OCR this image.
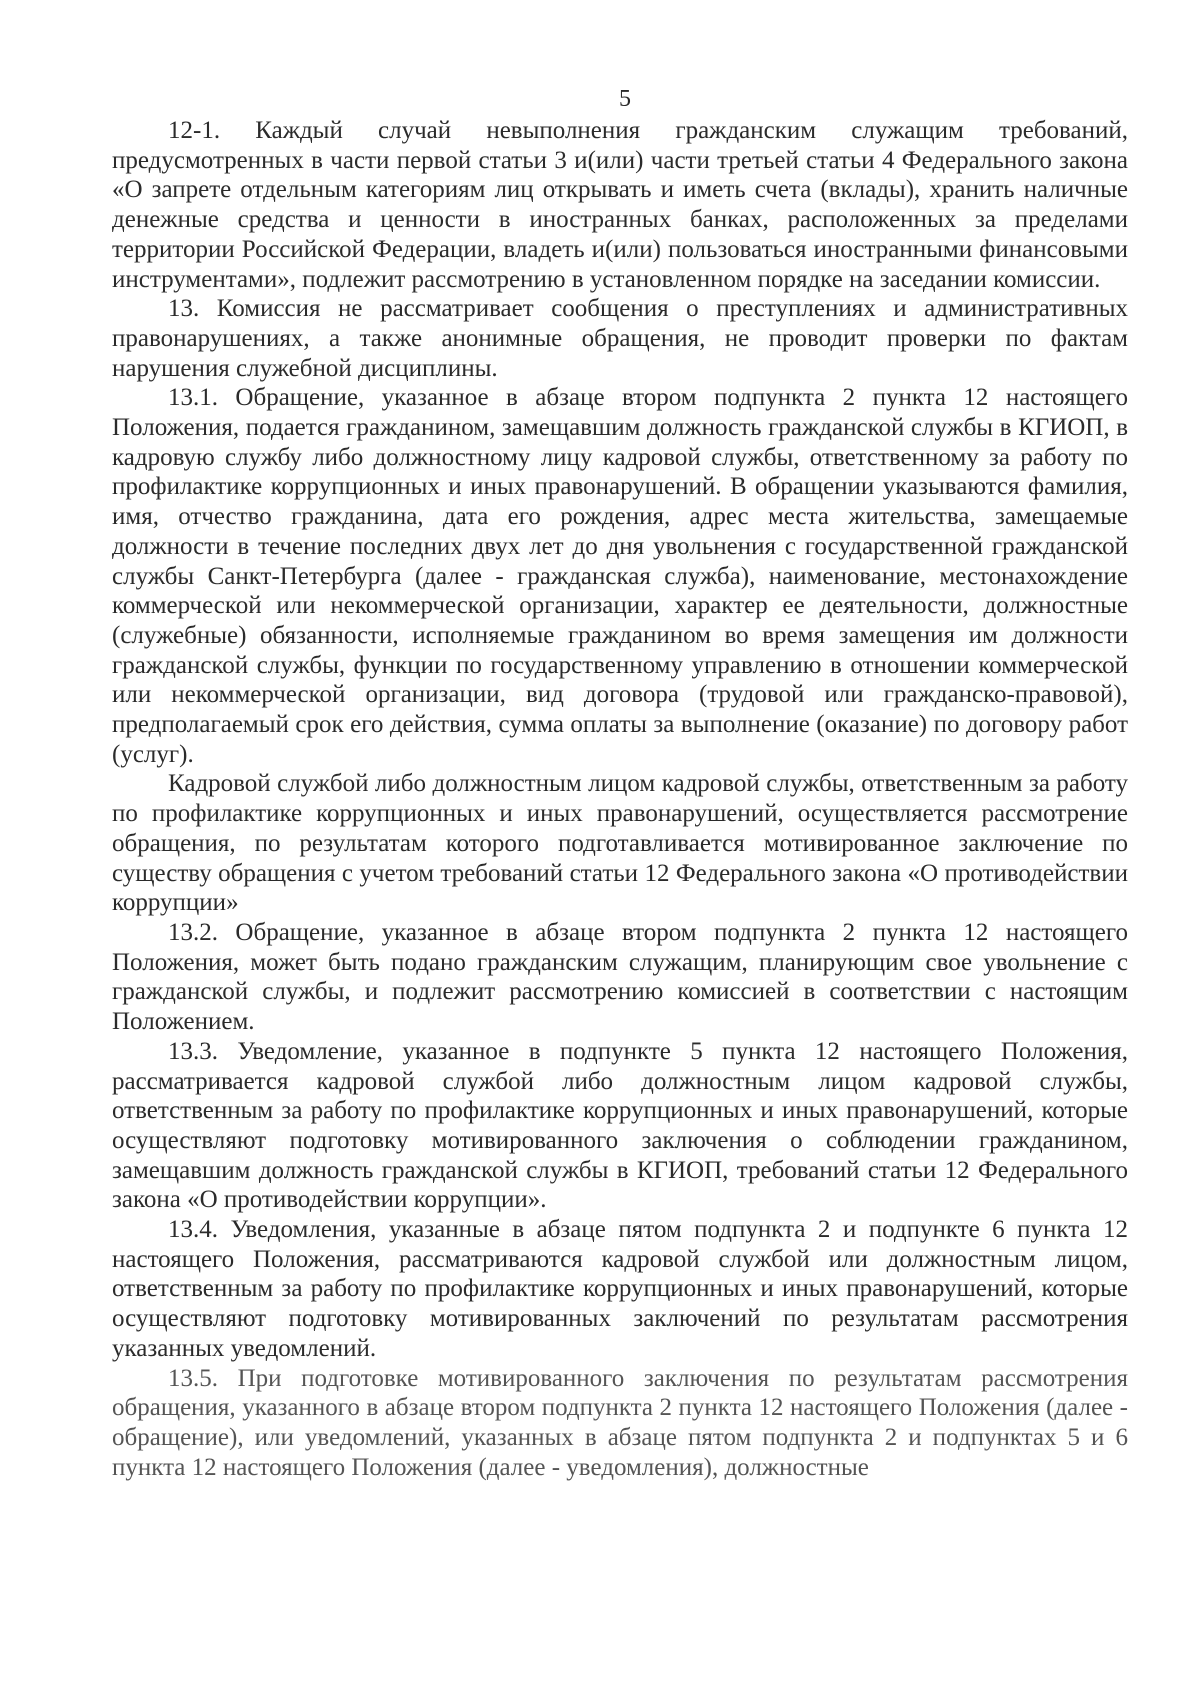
5

12-1. Каждый случай невыполнения гражданским служащим требований, предусмотренных в части первой статьи 3 и(или) части третьей статьи 4 Федерального закона «О запрете отдельным категориям лиц открывать и иметь счета (вклады), хранить наличные денежные средства и ценности в иностранных банках, расположенных за пределами территории Российской Федерации, владеть и(или) пользоваться иностранными финансовыми инструментами», подлежит рассмотрению в установленном порядке на заседании комиссии.

13. Комиссия не рассматривает сообщения о преступлениях и административных правонарушениях, а также анонимные обращения, не проводит проверки по фактам нарушения служебной дисциплины.

13.1. Обращение, указанное в абзаце втором подпункта 2 пункта 12 настоящего Положения, подается гражданином, замещавшим должность гражданской службы в КГИОП, в кадровую службу либо должностному лицу кадровой службы, ответственному за работу по профилактике коррупционных и иных правонарушений. В обращении указываются фамилия, имя, отчество гражданина, дата его рождения, адрес места жительства, замещаемые должности в течение последних двух лет до дня увольнения с государственной гражданской службы Санкт-Петербурга (далее - гражданская служба), наименование, местонахождение коммерческой или некоммерческой организации, характер ее деятельности, должностные (служебные) обязанности, исполняемые гражданином во время замещения им должности гражданской службы, функции по государственному управлению в отношении коммерческой или некоммерческой организации, вид договора (трудовой или гражданско-правовой), предполагаемый срок его действия, сумма оплаты за выполнение (оказание) по договору работ (услуг).

Кадровой службой либо должностным лицом кадровой службы, ответственным за работу по профилактике коррупционных и иных правонарушений, осуществляется рассмотрение обращения, по результатам которого подготавливается мотивированное заключение по существу обращения с учетом требований статьи 12 Федерального закона «О противодействии коррупции»

13.2. Обращение, указанное в абзаце втором подпункта 2 пункта 12 настоящего Положения, может быть подано гражданским служащим, планирующим свое увольнение с гражданской службы, и подлежит рассмотрению комиссией в соответствии с настоящим Положением.

13.3. Уведомление, указанное в подпункте 5 пункта 12 настоящего Положения, рассматривается кадровой службой либо должностным лицом кадровой службы, ответственным за работу по профилактике коррупционных и иных правонарушений, которые осуществляют подготовку мотивированного заключения о соблюдении гражданином, замещавшим должность гражданской службы в КГИОП, требований статьи 12 Федерального закона «О противодействии коррупции».

13.4. Уведомления, указанные в абзаце пятом подпункта 2 и подпункте 6 пункта 12 настоящего Положения, рассматриваются кадровой службой или должностным лицом, ответственным за работу по профилактике коррупционных и иных правонарушений, которые осуществляют подготовку мотивированных заключений по результатам рассмотрения указанных уведомлений.

13.5. При подготовке мотивированного заключения по результатам рассмотрения обращения, указанного в абзаце втором подпункта 2 пункта 12 настоящего Положения (далее - обращение), или уведомлений, указанных в абзаце пятом подпункта 2 и подпунктах 5 и 6 пункта 12 настоящего Положения (далее - уведомления), должностные
